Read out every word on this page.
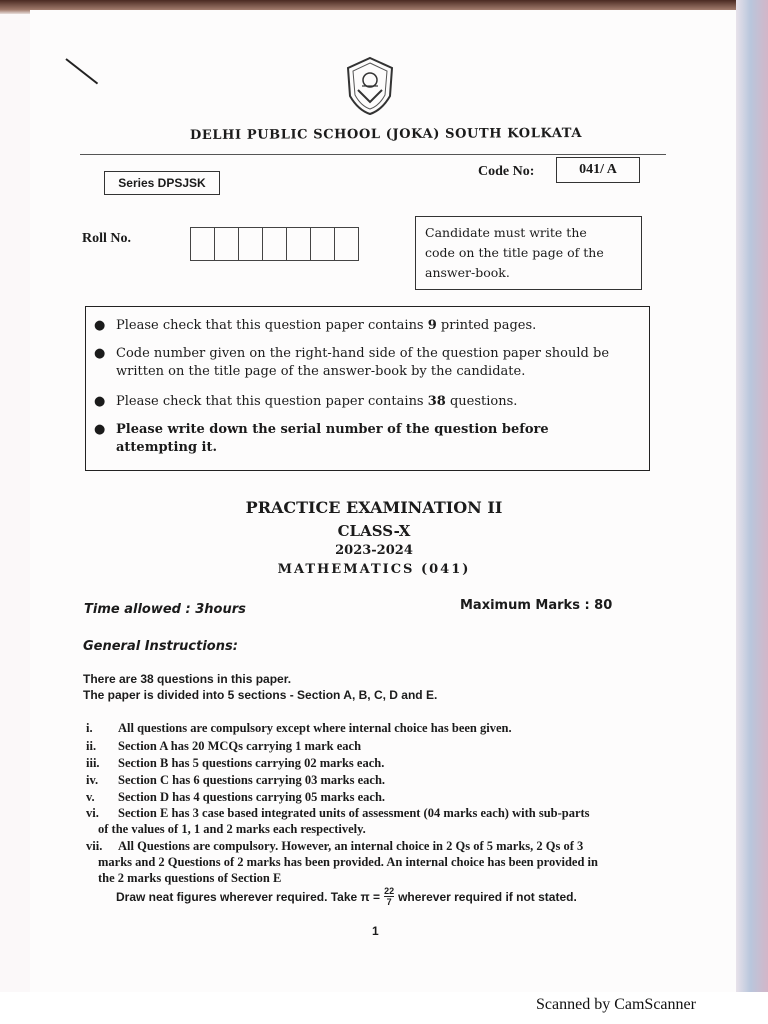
DELHI PUBLIC SCHOOL (JOKA) SOUTH KOLKATA
Series DPSJSK
Code No:	041/ A
Roll No.	Candidate must write the
code on the title page of the
answer-book.
● Please check that this question paper contains 9 printed pages.
● Code number given on the right-hand side of the question paper should be written on the title page of the answer-book by the candidate.
● Please check that this question paper contains 38 questions.
● Please write down the serial number of the question before attempting it.
PRACTICE EXAMINATION II
CLASS-X
2023-2024
MATHEMATICS (041)
Time allowed : 3hours	Maximum Marks : 80
General Instructions:
There are 38 questions in this paper.
The paper is divided into 5 sections - Section A, B, C, D and E.
i. All questions are compulsory except where internal choice has been given.
ii. Section A has 20 MCQs carrying 1 mark each
iii. Section B has 5 questions carrying 02 marks each.
iv. Section C has 6 questions carrying 03 marks each.
v. Section D has 4 questions carrying 05 marks each.
vi. Section E has 3 case based integrated units of assessment (04 marks each) with sub-parts
of the values of 1, 1 and 2 marks each respectively.
vii. All Questions are compulsory. However, an internal choice in 2 Qs of 5 marks, 2 Qs of 3
marks and 2 Questions of 2 marks has been provided. An internal choice has been provided in
the 2 marks questions of Section E
Draw neat figures wherever required. Take $\pi = \frac{22}{7}$ wherever required if not stated.
1
Scanned by CamScanner
